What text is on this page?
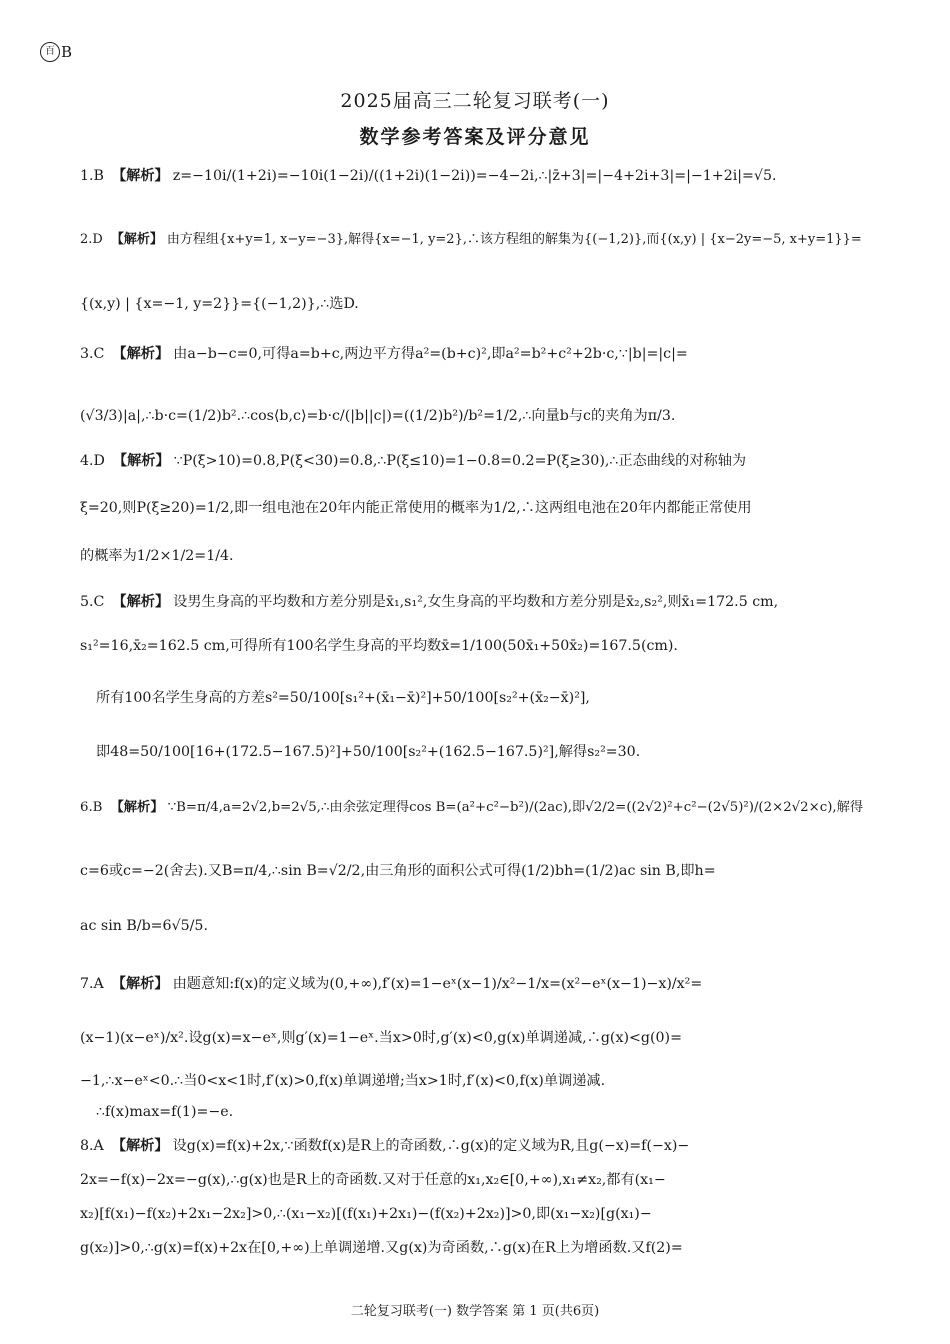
百 B
2025届高三二轮复习联考(一)
数学参考答案及评分意见
1.B 【解析】 z=−10i/(1+2i)=−10i(1−2i)/((1+2i)(1−2i))=−4−2i,∴|z̄+3|=|−4+2i+3|=|−1+2i|=√5.
2.D 【解析】 由方程组{x+y=1, x−y=−3},解得{x=−1, y=2},∴该方程组的解集为{(−1,2)},而{(x,y) | {x−2y=−5, x+y=1}}=
{(x,y) | {x=−1, y=2}}={(−1,2)},∴选D.
3.C 【解析】 由a−b−c=0,可得a=b+c,两边平方得a²=(b+c)²,即a²=b²+c²+2b·c,∵|b|=|c|=
(√3/3)|a|,∴b·c=(1/2)b².∴cos⟨b,c⟩=b·c/(|b||c|)=((1/2)b²)/b²=1/2,∴向量b与c的夹角为π/3.
4.D 【解析】 ∵P(ξ>10)=0.8,P(ξ<30)=0.8,∴P(ξ≤10)=1−0.8=0.2=P(ξ≥30),∴正态曲线的对称轴为
ξ=20,则P(ξ≥20)=1/2,即一组电池在20年内能正常使用的概率为1/2,∴这两组电池在20年内都能正常使用
的概率为1/2×1/2=1/4.
5.C 【解析】 设男生身高的平均数和方差分别是x̄₁,s₁²,女生身高的平均数和方差分别是x̄₂,s₂²,则x̄₁=172.5 cm,
s₁²=16,x̄₂=162.5 cm,可得所有100名学生身高的平均数x̄=1/100(50x̄₁+50x̄₂)=167.5(cm).
所有100名学生身高的方差s²=50/100[s₁²+(x̄₁−x̄)²]+50/100[s₂²+(x̄₂−x̄)²],
即48=50/100[16+(172.5−167.5)²]+50/100[s₂²+(162.5−167.5)²],解得s₂²=30.
6.B 【解析】 ∵B=π/4,a=2√2,b=2√5,∴由余弦定理得cos B=(a²+c²−b²)/(2ac),即√2/2=((2√2)²+c²−(2√5)²)/(2×2√2×c),解得
c=6或c=−2(舍去).又B=π/4,∴sin B=√2/2,由三角形的面积公式可得(1/2)bh=(1/2)ac sin B,即h=
ac sin B/b=6√5/5.
7.A 【解析】 由题意知:f(x)的定义域为(0,+∞),f′(x)=1−eˣ(x−1)/x²−1/x=(x²−eˣ(x−1)−x)/x²=
(x−1)(x−eˣ)/x².设g(x)=x−eˣ,则g′(x)=1−eˣ.当x>0时,g′(x)<0,g(x)单调递减,∴g(x)<g(0)=
−1,∴x−eˣ<0.∴当0<x<1时,f′(x)>0,f(x)单调递增;当x>1时,f′(x)<0,f(x)单调递减.
∴f(x)max=f(1)=−e.
8.A 【解析】 设g(x)=f(x)+2x,∵函数f(x)是R上的奇函数,∴g(x)的定义域为R,且g(−x)=f(−x)−
2x=−f(x)−2x=−g(x),∴g(x)也是R上的奇函数.又对于任意的x₁,x₂∈[0,+∞),x₁≠x₂,都有(x₁−
x₂)[f(x₁)−f(x₂)+2x₁−2x₂]>0,∴(x₁−x₂)[(f(x₁)+2x₁)−(f(x₂)+2x₂)]>0,即(x₁−x₂)[g(x₁)−
g(x₂)]>0,∴g(x)=f(x)+2x在[0,+∞)上单调递增.又g(x)为奇函数,∴g(x)在R上为增函数.又f(2)=
二轮复习联考(一) 数学答案 第 1 页(共6页)
